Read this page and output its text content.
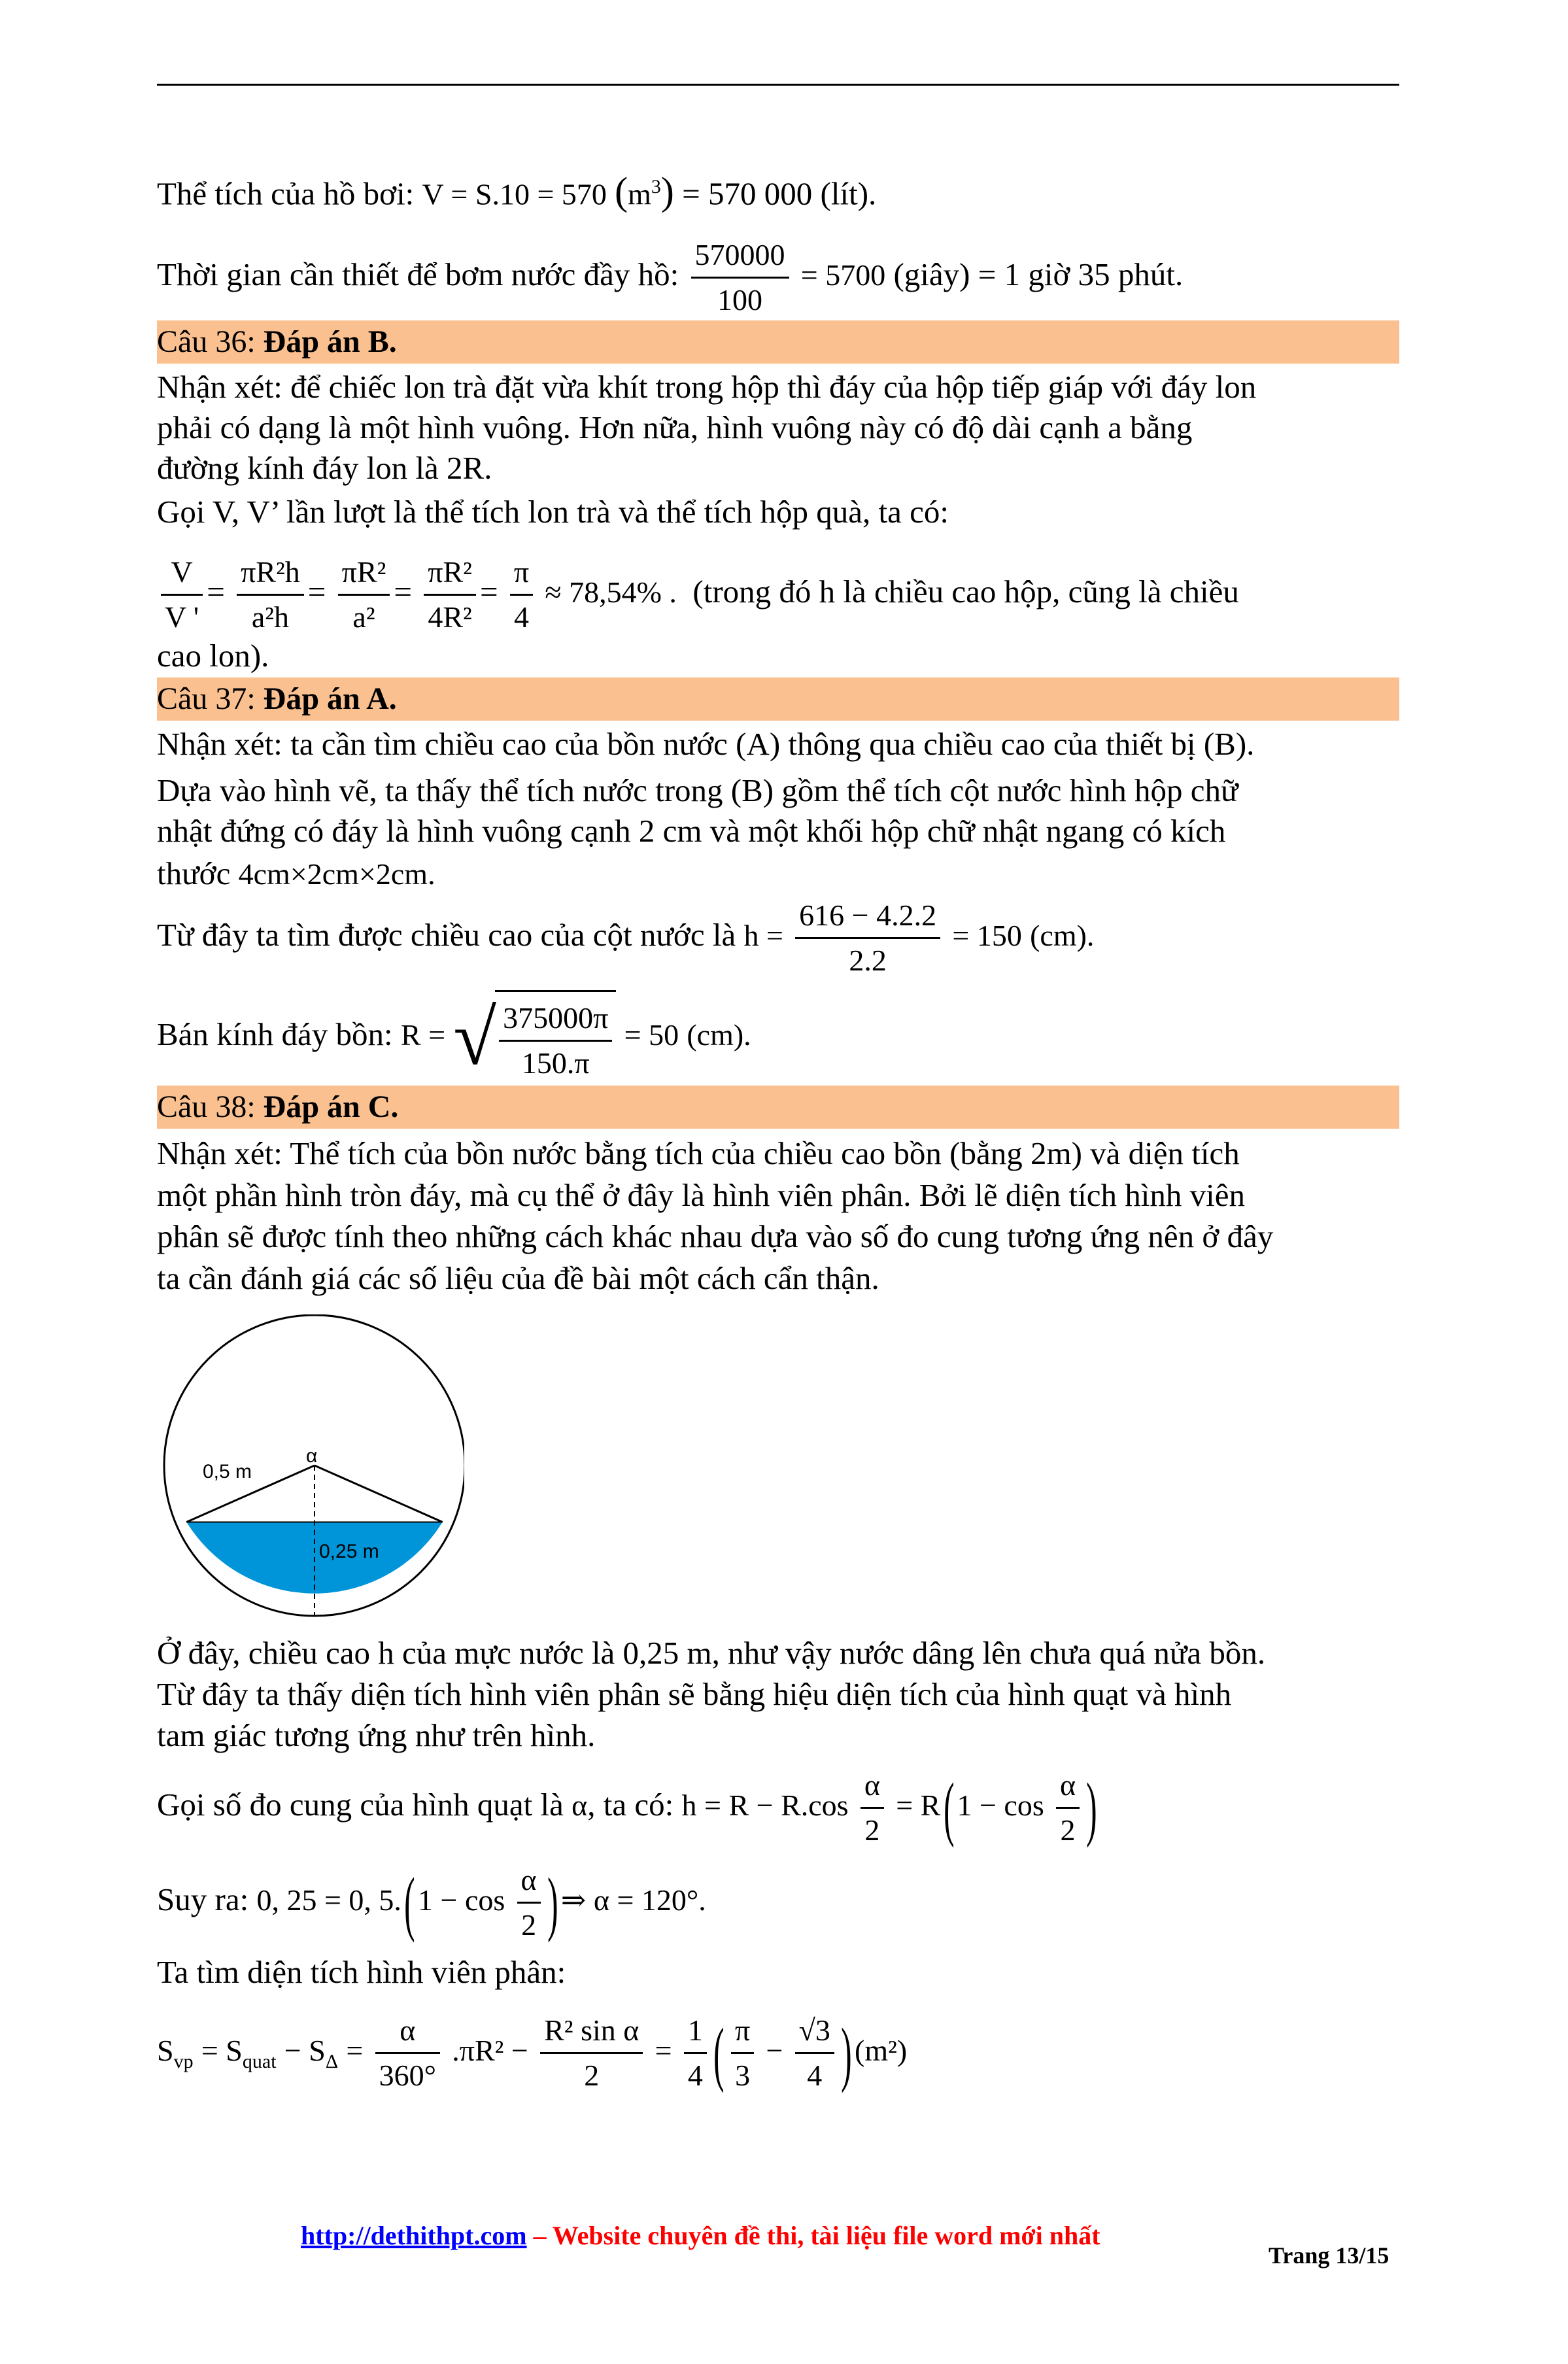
Thể tích của hồ bơi: V = S.10 = 570 $(m^3) = 570$ 000 (lít).
Thời gian cần thiết để bơm nước đầy hồ: $\frac{570000}{100} = 5700$ (giây) = 1 giờ 35 phút.
Câu 36: Đáp án B.
Nhận xét: để chiếc lon trà đặt vừa khít trong hộp thì đáy của hộp tiếp giáp với đáy lon
phải có dạng là một hình vuông. Hơn nữa, hình vuông này có độ dài cạnh a bằng
đường kính đáy lon là 2R.
Gọi V, V’ lần lượt là thể tích lon trà và thể tích hộp quà, ta có:
$\frac{V}{V '} = \frac{\text{πR²h}}{\text{a²h}} = \frac{\text{πR²}}{\text{a²}} = \frac{\text{πR²}}{\text{4R²}} = \frac{\pi}{4} \approx 78,54\%$ . (trong đó h là chiều cao hộp, cũng là chiều
cao lon).
Câu 37: Đáp án A.
Nhận xét: ta cần tìm chiều cao của bồn nước (A) thông qua chiều cao của thiết bị (B).
Dựa vào hình vẽ, ta thấy thể tích nước trong (B) gồm thể tích cột nước hình hộp chữ
nhật đứng có đáy là hình vuông cạnh 2 cm và một khối hộp chữ nhật ngang có kích
thước 4cm×2cm×2cm.
Từ đây ta tìm được chiều cao của cột nước là $h = \frac{616 - 4.2.2}{2.2} = 150$ (cm).
Bán kính đáy bồn: R = √ $\frac{375000\pi}{150.\pi} = 50$ (cm).
Câu 38: Đáp án C.
Nhận xét: Thể tích của bồn nước bằng tích của chiều cao bồn (bằng 2m) và diện tích
một phần hình tròn đáy, mà cụ thể ở đây là hình viên phân. Bởi lẽ diện tích hình viên
phân sẽ được tính theo những cách khác nhau dựa vào số đo cung tương ứng nên ở đây
ta cần đánh giá các số liệu của đề bài một cách cẩn thận.
0,5 m
α
0,25 m
Ở đây, chiều cao h của mực nước là 0,25 m, như vậy nước dâng lên chưa quá nửa bồn.
Từ đây ta thấy diện tích hình viên phân sẽ bằng hiệu diện tích của hình quạt và hình
tam giác tương ứng như trên hình.
Gọi số đo cung của hình quạt là α, ta có: $h = R - R.\cos \frac{\alpha}{2} = R$ ( $1 - \cos \frac{\alpha}{2}$ )
Suy ra: 0, 25 = 0, 5. ( $1 - \cos \frac{\alpha}{2}$ ) ⇒ α = 120°.
Ta tìm diện tích hình viên phân:
$S_{vp} = S_{quat} - S_\Delta = \frac{\alpha}{360^\circ} .\pi R^2 - \frac{\text{R² sin α}}{2} = \frac{1}{4}$ ( $\frac{\pi}{3} - \frac{√3}{4}$ ) (m²)
http://dethithpt.com – Website chuyên đề thi, tài liệu file word mới nhất
Trang 13/15
